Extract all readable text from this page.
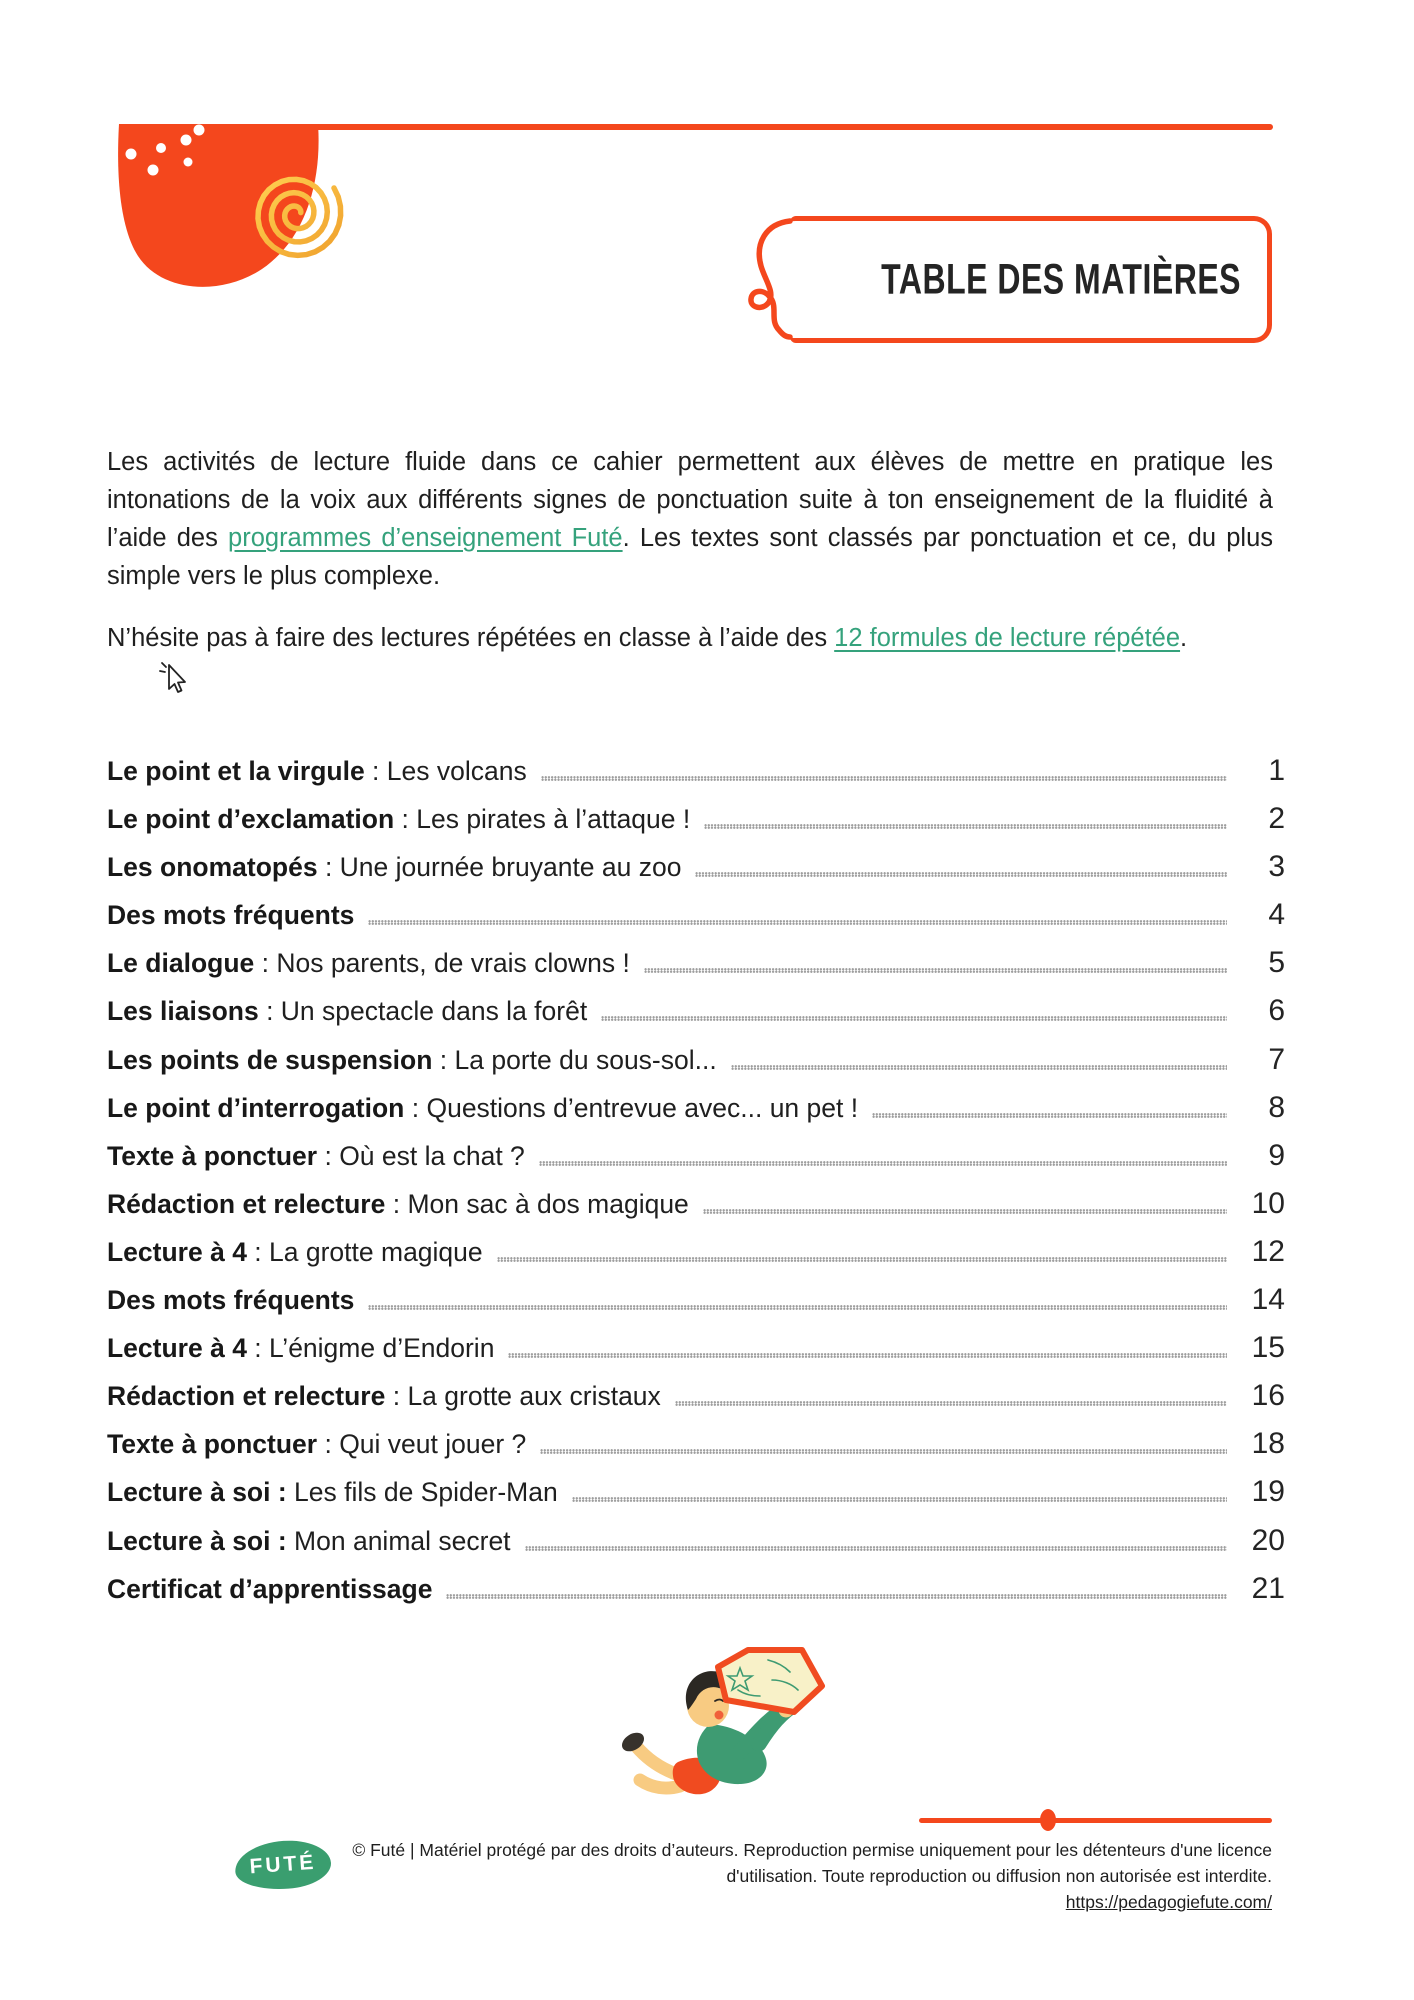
TABLE DES MATIÈRES

Les activités de lecture fluide dans ce cahier permettent aux élèves de mettre en pratique les intonations de la voix aux différents signes de ponctuation suite à ton enseignement de la fluidité à l’aide des programmes d’enseignement Futé. Les textes sont classés par ponctuation et ce, du plus simple vers le plus complexe.

N’hésite pas à faire des lectures répétées en classe à l’aide des 12 formules de lecture répétée.

Le point et la virgule : Les volcans	1
Le point d’exclamation : Les pirates à l’attaque !	2
Les onomatopés : Une journée bruyante au zoo	3
Des mots fréquents	4
Le dialogue : Nos parents, de vrais clowns !	5
Les liaisons : Un spectacle dans la forêt	6
Les points de suspension : La porte du sous-sol...	7
Le point d’interrogation : Questions d’entrevue avec... un pet !	8
Texte à ponctuer : Où est la chat ?	9
Rédaction et relecture : Mon sac à dos magique	10
Lecture à 4 : La grotte magique	12
Des mots fréquents	14
Lecture à 4 : L’énigme d’Endorin	15
Rédaction et relecture : La grotte aux cristaux	16
Texte à ponctuer : Qui veut jouer ?	18
Lecture à soi :
Les fils de Spider-Man	19
Lecture à soi :
Mon animal secret	20
Certificat d’apprentissage	21
FUTÉ
© Futé | Matériel protégé par des droits d’auteurs. Reproduction permise uniquement pour les détenteurs d'une licence
d'utilisation. Toute reproduction ou diffusion non autorisée est interdite.
https://pedagogiefute.com/
